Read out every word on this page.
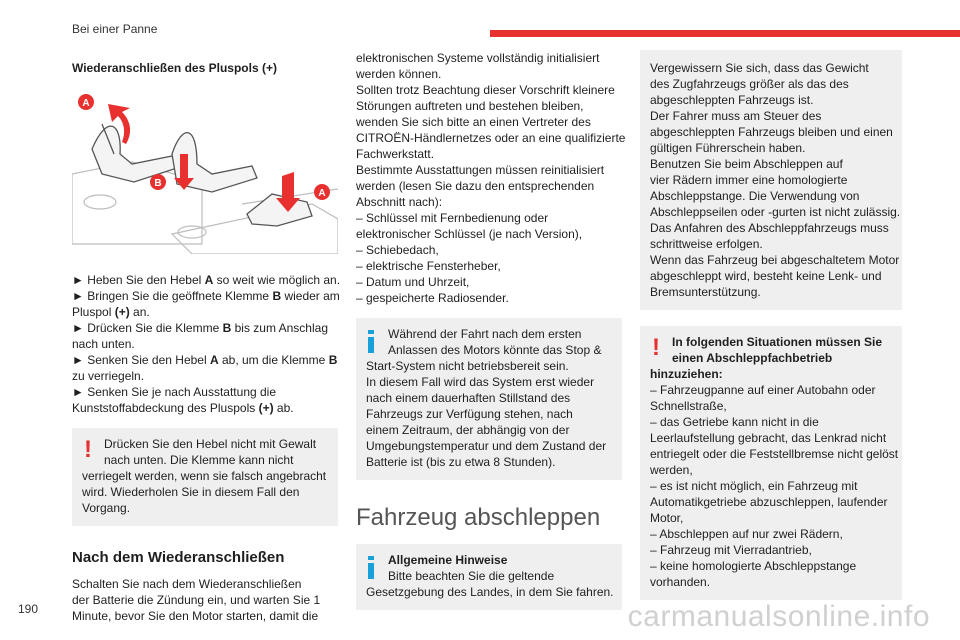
Bei einer Panne
Wiederanschließen des Pluspols (+)
A
B
A
► Heben Sie den Hebel A so weit wie möglich an.
► Bringen Sie die geöffnete Klemme B wieder am
Pluspol (+) an.
► Drücken Sie die Klemme B bis zum Anschlag
nach unten.
► Senken Sie den Hebel A ab, um die Klemme B
zu verriegeln.
► Senken Sie je nach Ausstattung die
Kunststoffabdeckung des Pluspols (+) ab.
!	Drücken Sie den Hebel nicht mit Gewalt
nach unten. Die Klemme kann nicht
verriegelt werden, wenn sie falsch angebracht
wird. Wiederholen Sie in diesem Fall den
Vorgang.
Nach dem Wiederanschließen
Schalten Sie nach dem Wiederanschließen
der Batterie die Zündung ein, und warten Sie 1
Minute, bevor Sie den Motor starten, damit die
elektronischen Systeme vollständig initialisiert
werden können.
Sollten trotz Beachtung dieser Vorschrift kleinere
Störungen auftreten und bestehen bleiben,
wenden Sie sich bitte an einen Vertreter des
CITROËN-Händlernetzes oder an eine qualifizierte
Fachwerkstatt.
Bestimmte Ausstattungen müssen reinitialisiert
werden (lesen Sie dazu den entsprechenden
Abschnitt nach):
– Schlüssel mit Fernbedienung oder
elektronischer Schlüssel (je nach Version),
– Schiebedach,
– elektrische Fensterheber,
– Datum und Uhrzeit,
– gespeicherte Radiosender.
Während der Fahrt nach dem ersten
Anlassen des Motors könnte das Stop &
Start-System nicht betriebsbereit sein.
In diesem Fall wird das System erst wieder
nach einem dauerhaften Stillstand des
Fahrzeugs zur Verfügung stehen, nach
einem Zeitraum, der abhängig von der
Umgebungstemperatur und dem Zustand der
Batterie ist (bis zu etwa 8 Stunden).
Fahrzeug abschleppen
Allgemeine Hinweise
Bitte beachten Sie die geltende
Gesetzgebung des Landes, in dem Sie fahren.
Vergewissern Sie sich, dass das Gewicht
des Zugfahrzeugs größer als das des
abgeschleppten Fahrzeugs ist.
Der Fahrer muss am Steuer des
abgeschleppten Fahrzeugs bleiben und einen
gültigen Führerschein haben.
Benutzen Sie beim Abschleppen auf
vier Rädern immer eine homologierte
Abschleppstange. Die Verwendung von
Abschleppseilen oder -gurten ist nicht zulässig.
Das Anfahren des Abschleppfahrzeugs muss
schrittweise erfolgen.
Wenn das Fahrzeug bei abgeschaltetem Motor
abgeschleppt wird, besteht keine Lenk- und
Bremsunterstützung.
!	In folgenden Situationen müssen Sie
einen Abschleppfachbetrieb
hinzuziehen:
– Fahrzeugpanne auf einer Autobahn oder
Schnellstraße,
– das Getriebe kann nicht in die
Leerlaufstellung gebracht, das Lenkrad nicht
entriegelt oder die Feststellbremse nicht gelöst
werden,
– es ist nicht möglich, ein Fahrzeug mit
Automatikgetriebe abzuschleppen, laufender
Motor,
– Abschleppen auf nur zwei Rädern,
– Fahrzeug mit Vierradantrieb,
– keine homologierte Abschleppstange
vorhanden.
190	carmanualsonline.info
